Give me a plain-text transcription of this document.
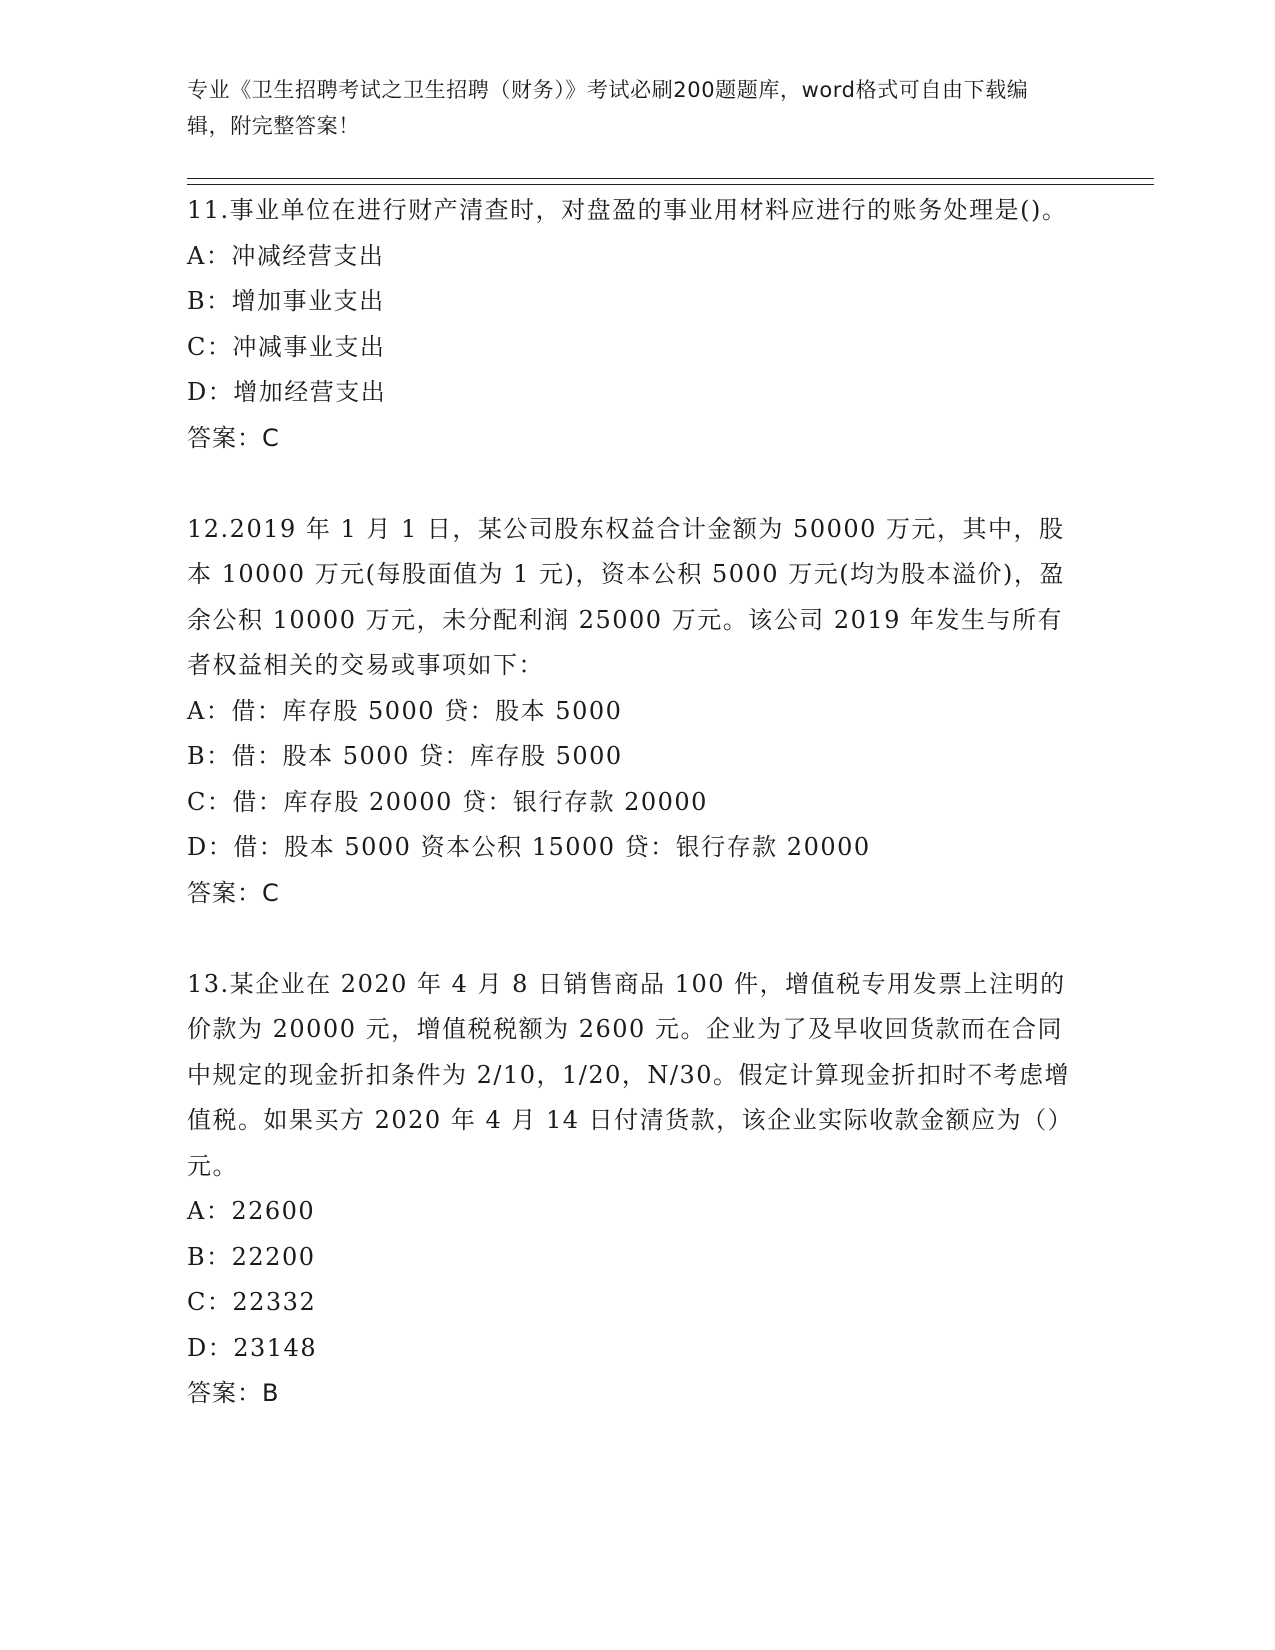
专业《卫生招聘考试之卫生招聘（财务）》考试必刷200题题库，word格式可自由下载编辑，附完整答案！
11.事业单位在进行财产清查时，对盘盈的事业用材料应进行的账务处理是()。
A：冲减经营支出
B：增加事业支出
C：冲减事业支出
D：增加经营支出
答案：C
12.2019 年 1 月 1 日，某公司股东权益合计金额为 50000 万元，其中，股本 10000 万元(每股面值为 1 元)，资本公积 5000 万元(均为股本溢价)，盈余公积 10000 万元，未分配利润 25000 万元。该公司 2019 年发生与所有者权益相关的交易或事项如下：
A：借：库存股 5000 贷：股本 5000
B：借：股本 5000 贷：库存股 5000
C：借：库存股 20000 贷：银行存款 20000
D：借：股本 5000 资本公积 15000 贷：银行存款 20000
答案：C
13.某企业在 2020 年 4 月 8 日销售商品 100 件，增值税专用发票上注明的价款为 20000 元，增值税税额为 2600 元。企业为了及早收回货款而在合同中规定的现金折扣条件为 2/10，1/20，N/30。假定计算现金折扣时不考虑增值税。如果买方 2020 年 4 月 14 日付清货款，该企业实际收款金额应为（）元。
A：22600
B：22200
C：22332
D：23148
答案：B
